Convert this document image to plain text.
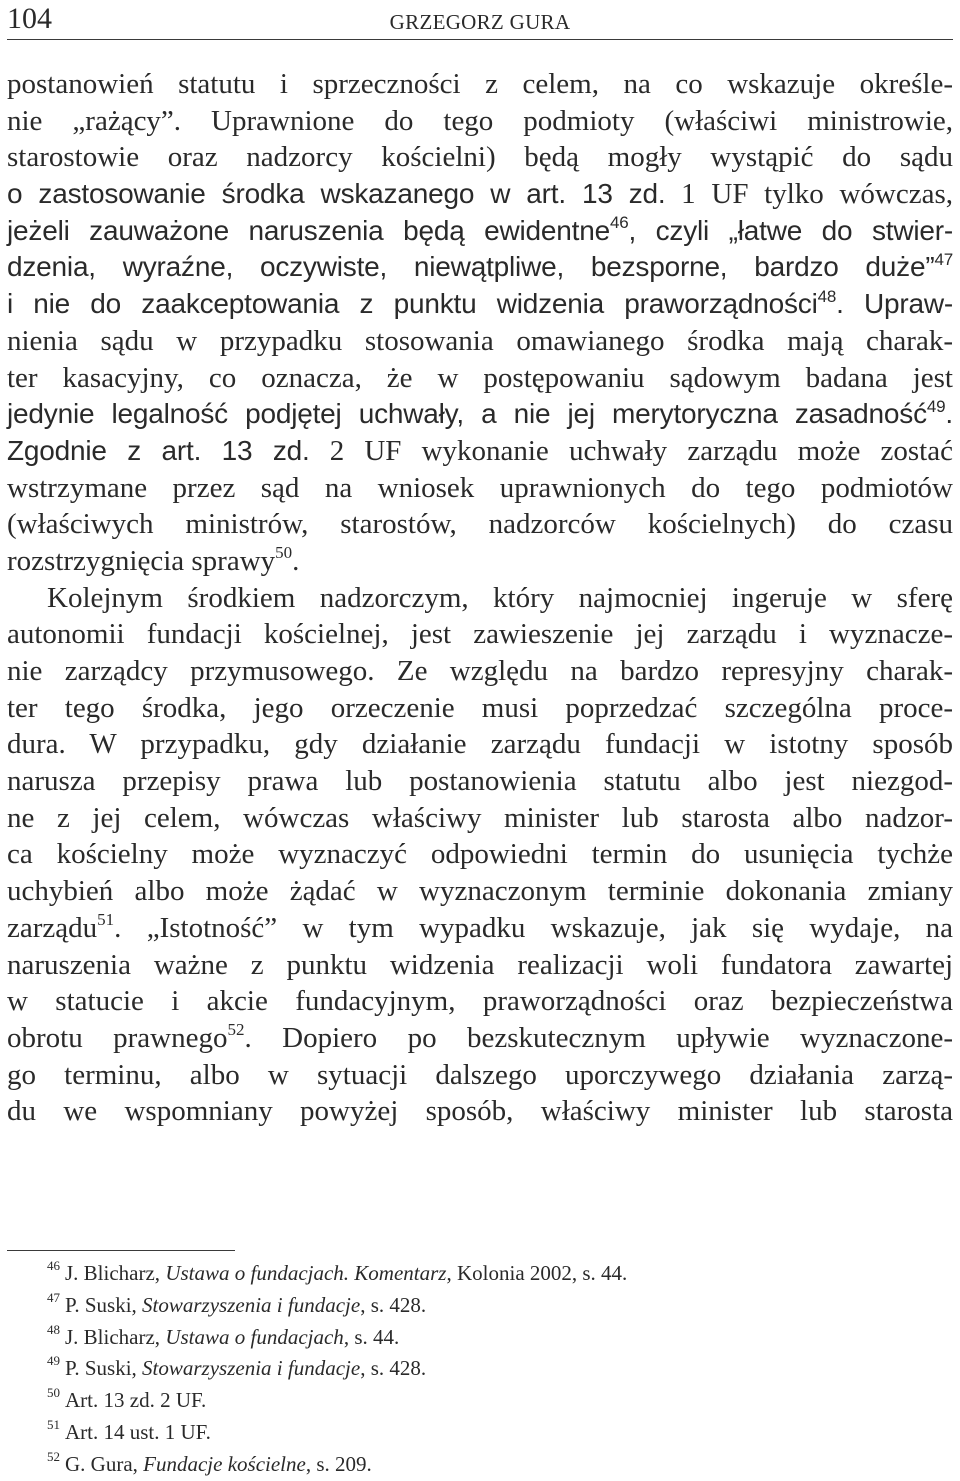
104	GRZEGORZ GURA
postanowień statutu i sprzeczności z celem, na co wskazuje określe-
nie „rażący”. Uprawnione do tego podmioty (właściwi ministrowie,
starostowie oraz nadzorcy kościelni) będą mogły wystąpić do sądu
o zastosowanie środka wskazanego w art. 13 zd. 1 UF tylko wówczas,
jeżeli zauważone naruszenia będą ewidentne$^{46}$, czyli „łatwe do stwier-
dzenia, wyraźne, oczywiste, niewątpliwe, bezsporne, bardzo duże”$^{47}$
i nie do zaakceptowania z punktu widzenia praworządności$^{48}$. Upraw-
nienia sądu w przypadku stosowania omawianego środka mają charak-
ter kasacyjny, co oznacza, że w postępowaniu sądowym badana jest
jedynie legalność podjętej uchwały, a nie jej merytoryczna zasadność$^{49}$.
Zgodnie z art. 13 zd. 2 UF wykonanie uchwały zarządu może zostać
wstrzymane przez sąd na wniosek uprawnionych do tego podmiotów
(właściwych ministrów, starostów, nadzorców kościelnych) do czasu
rozstrzygnięcia sprawy$^{50}$.
Kolejnym środkiem nadzorczym, który najmocniej ingeruje w sferę
autonomii fundacji kościelnej, jest zawieszenie jej zarządu i wyznacze-
nie zarządcy przymusowego. Ze względu na bardzo represyjny charak-
ter tego środka, jego orzeczenie musi poprzedzać szczególna proce-
dura. W przypadku, gdy działanie zarządu fundacji w istotny sposób
narusza przepisy prawa lub postanowienia statutu albo jest niezgod-
ne z jej celem, wówczas właściwy minister lub starosta albo nadzor-
ca kościelny może wyznaczyć odpowiedni termin do usunięcia tychże
uchybień albo może żądać w wyznaczonym terminie dokonania zmiany
zarządu$^{51}$. „Istotność” w tym wypadku wskazuje, jak się wydaje, na
naruszenia ważne z punktu widzenia realizacji woli fundatora zawartej
w statucie i akcie fundacyjnym, praworządności oraz bezpieczeństwa
obrotu prawnego$^{52}$. Dopiero po bezskutecznym upływie wyznaczone-
go terminu, albo w sytuacji dalszego uporczywego działania zarzą-
du we wspomniany powyżej sposób, właściwy minister lub starosta
$^{46}$ J. Blicharz, Ustawa o fundacjach. Komentarz, Kolonia 2002, s. 44.
$^{47}$ P. Suski, Stowarzyszenia i fundacje, s. 428.
$^{48}$ J. Blicharz, Ustawa o fundacjach, s. 44.
$^{49}$ P. Suski, Stowarzyszenia i fundacje, s. 428.
$^{50}$ Art. 13 zd. 2 UF.
$^{51}$ Art. 14 ust. 1 UF.
$^{52}$ G. Gura, Fundacje kościelne, s. 209.
